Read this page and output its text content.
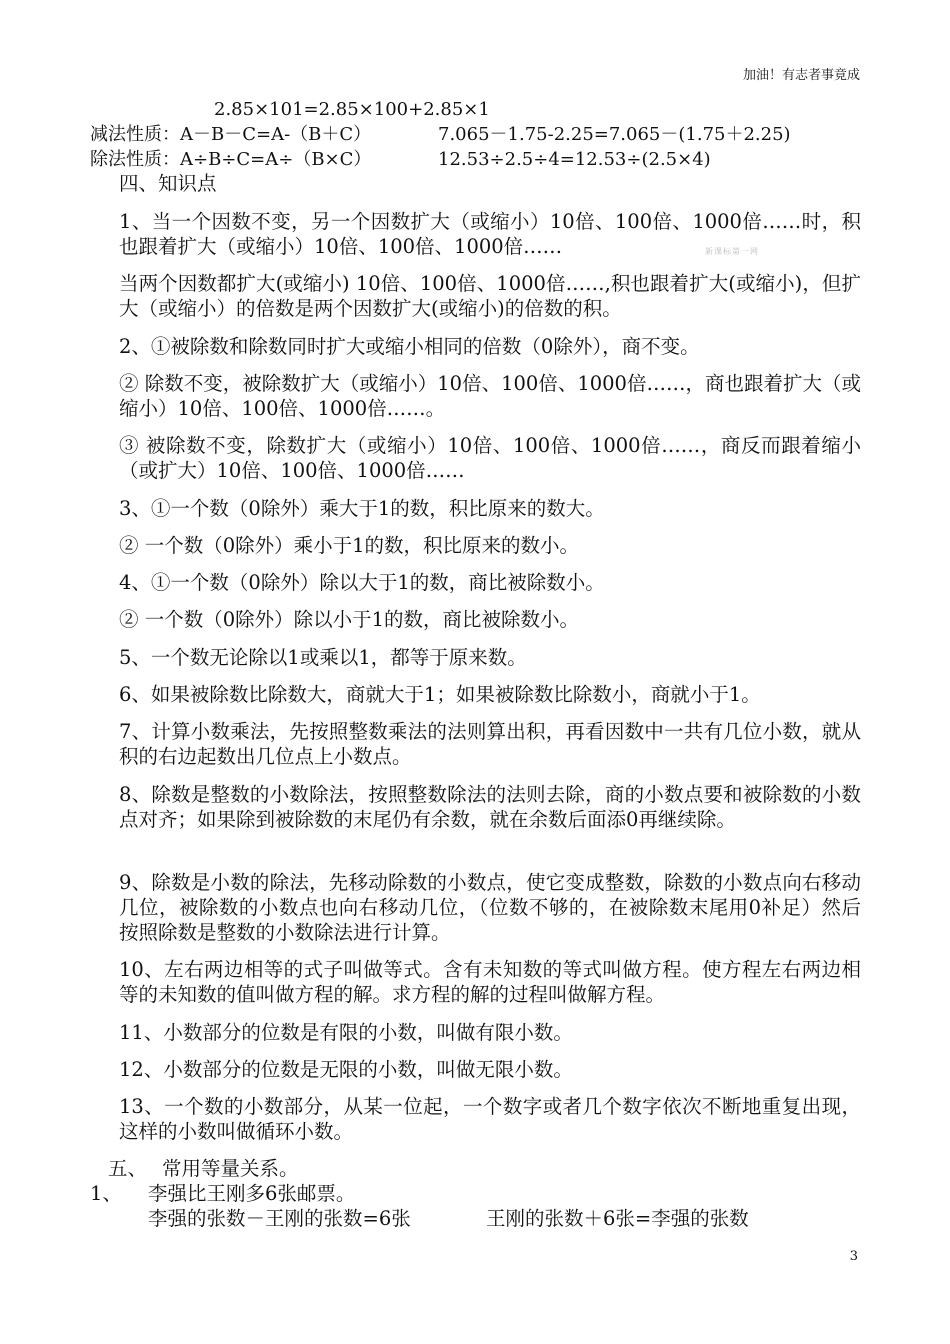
加油！有志者事竟成
2.85×101=2.85×100+2.85×1
减法性质：A－B－C=A-（B＋C）	7.065－1.75-2.25=7.065－(1.75＋2.25)
除法性质：A÷B÷C=A÷（B×C）	12.53÷2.5÷4=12.53÷(2.5×4)
四、知识点
1、当一个因数不变，另一个因数扩大（或缩小）10倍、100倍、1000倍……时，积也跟着扩大（或缩小）10倍、100倍、1000倍……	新课标第一网
当两个因数都扩大(或缩小) 10倍、100倍、1000倍……,积也跟着扩大(或缩小)，但扩大（或缩小）的倍数是两个因数扩大(或缩小)的倍数的积。
2、①被除数和除数同时扩大或缩小相同的倍数（0除外），商不变。
② 除数不变，被除数扩大（或缩小）10倍、100倍、1000倍……，商也跟着扩大（或缩小）10倍、100倍、1000倍……。
③ 被除数不变，除数扩大（或缩小）10倍、100倍、1000倍……，商反而跟着缩小（或扩大）10倍、100倍、1000倍……
3、①一个数（0除外）乘大于1的数，积比原来的数大。
② 一个数（0除外）乘小于1的数，积比原来的数小。
4、①一个数（0除外）除以大于1的数，商比被除数小。
② 一个数（0除外）除以小于1的数，商比被除数小。
5、一个数无论除以1或乘以1，都等于原来数。
6、如果被除数比除数大，商就大于1；如果被除数比除数小，商就小于1。
7、计算小数乘法，先按照整数乘法的法则算出积，再看因数中一共有几位小数，就从积的右边起数出几位点上小数点。
8、除数是整数的小数除法，按照整数除法的法则去除，商的小数点要和被除数的小数点对齐；如果除到被除数的末尾仍有余数，就在余数后面添0再继续除。
9、除数是小数的除法，先移动除数的小数点，使它变成整数，除数的小数点向右移动几位，被除数的小数点也向右移动几位，（位数不够的，在被除数末尾用0补足）然后按照除数是整数的小数除法进行计算。
10、左右两边相等的式子叫做等式。含有未知数的等式叫做方程。使方程左右两边相等的未知数的值叫做方程的解。求方程的解的过程叫做解方程。
11、小数部分的位数是有限的小数，叫做有限小数。
12、小数部分的位数是无限的小数，叫做无限小数。
13、一个数的小数部分，从某一位起，一个数字或者几个数字依次不断地重复出现，这样的小数叫做循环小数。
五、 常用等量关系。
1、 李强比王刚多6张邮票。
李强的张数－王刚的张数=6张	王刚的张数＋6张=李强的张数
3
